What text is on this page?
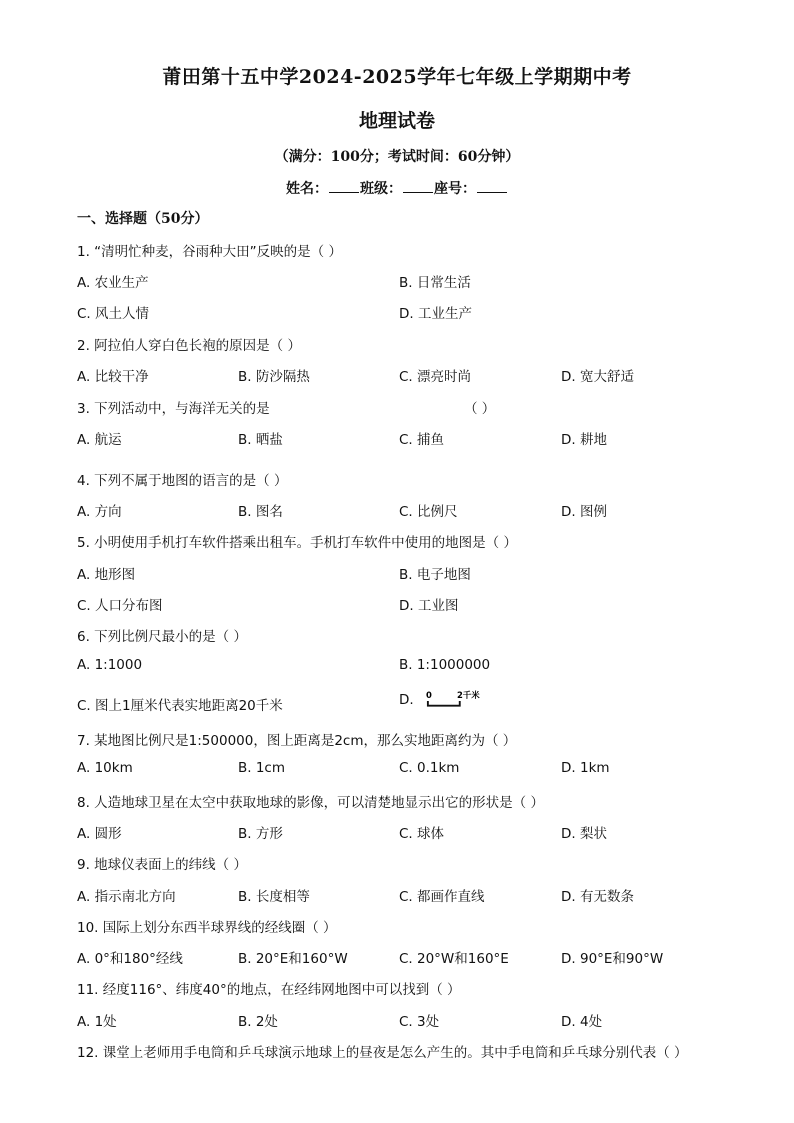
莆田第十五中学2024-2025学年七年级上学期期中考
地理试卷
（满分：100分；考试时间：60分钟）
姓名： 班级： 座号：
一、选择题（50分）
1. “清明忙种麦，谷雨种大田”反映的是（ ）
A. 农业生产	B. 日常生活
C. 风土人情	D. 工业生产
2. 阿拉伯人穿白色长袍的原因是（ ）
A. 比较干净	B. 防沙隔热	C. 漂亮时尚	D. 宽大舒适
3. 下列活动中，与海洋无关的是	（ ）
A. 航运	B. 晒盐	C. 捕鱼	D. 耕地
4. 下列不属于地图的语言的是（ ）
A. 方向	B. 图名	C. 比例尺	D. 图例
5. 小明使用手机打车软件搭乘出租车。手机打车软件中使用的地图是（ ）
A. 地形图	B. 电子地图
C. 人口分布图	D. 工业图
6. 下列比例尺最小的是（ ）
A. 1:1000	B. 1:1000000
C. 图上1厘米代表实地距离20千米	D. 0	2千米
7. 某地图比例尺是1:500000，图上距离是2cm，那么实地距离约为（ ）
A. 10km	B. 1cm	C. 0.1km	D. 1km
8. 人造地球卫星在太空中获取地球的影像，可以清楚地显示出它的形状是（ ）
A. 圆形	B. 方形	C. 球体	D. 梨状
9. 地球仪表面上的纬线（ ）
A. 指示南北方向	B. 长度相等	C. 都画作直线	D. 有无数条
10. 国际上划分东西半球界线的经线圈（ ）
A. 0°和180°经线	B. 20°E和160°W	C. 20°W和160°E	D. 90°E和90°W
11. 经度116°、纬度40°的地点，在经纬网地图中可以找到（ ）
A. 1处	B. 2处	C. 3处	D. 4处
12. 课堂上老师用手电筒和乒乓球演示地球上的昼夜是怎么产生的。其中手电筒和乒乓球分别代表（ ）
